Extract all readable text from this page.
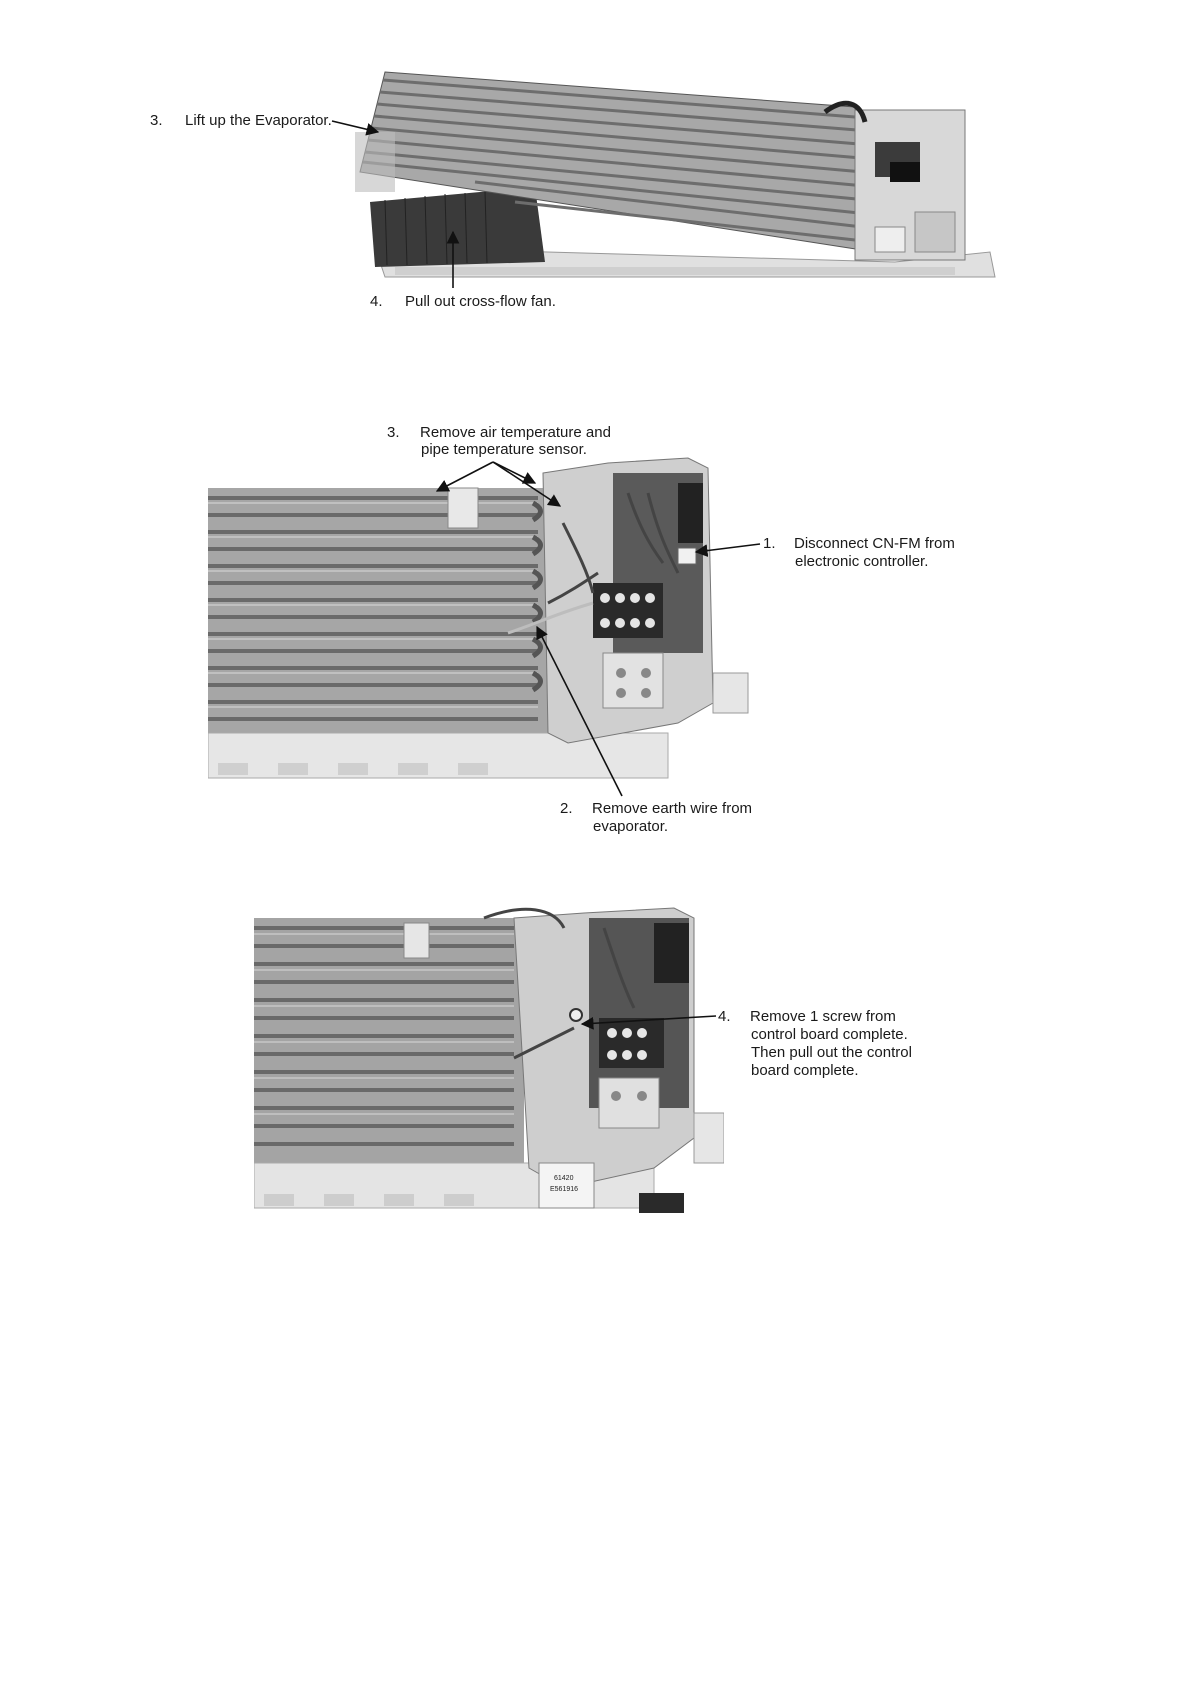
3. Lift up the Evaporator.
4. Pull out cross-flow fan.
3. Remove air temperature and
pipe temperature sensor.
1. Disconnect CN-FM from
electronic controller.
2. Remove earth wire from
evaporator.
61420
E561916
4. Remove 1 screw from
control board complete.
Then pull out the control
board complete.
